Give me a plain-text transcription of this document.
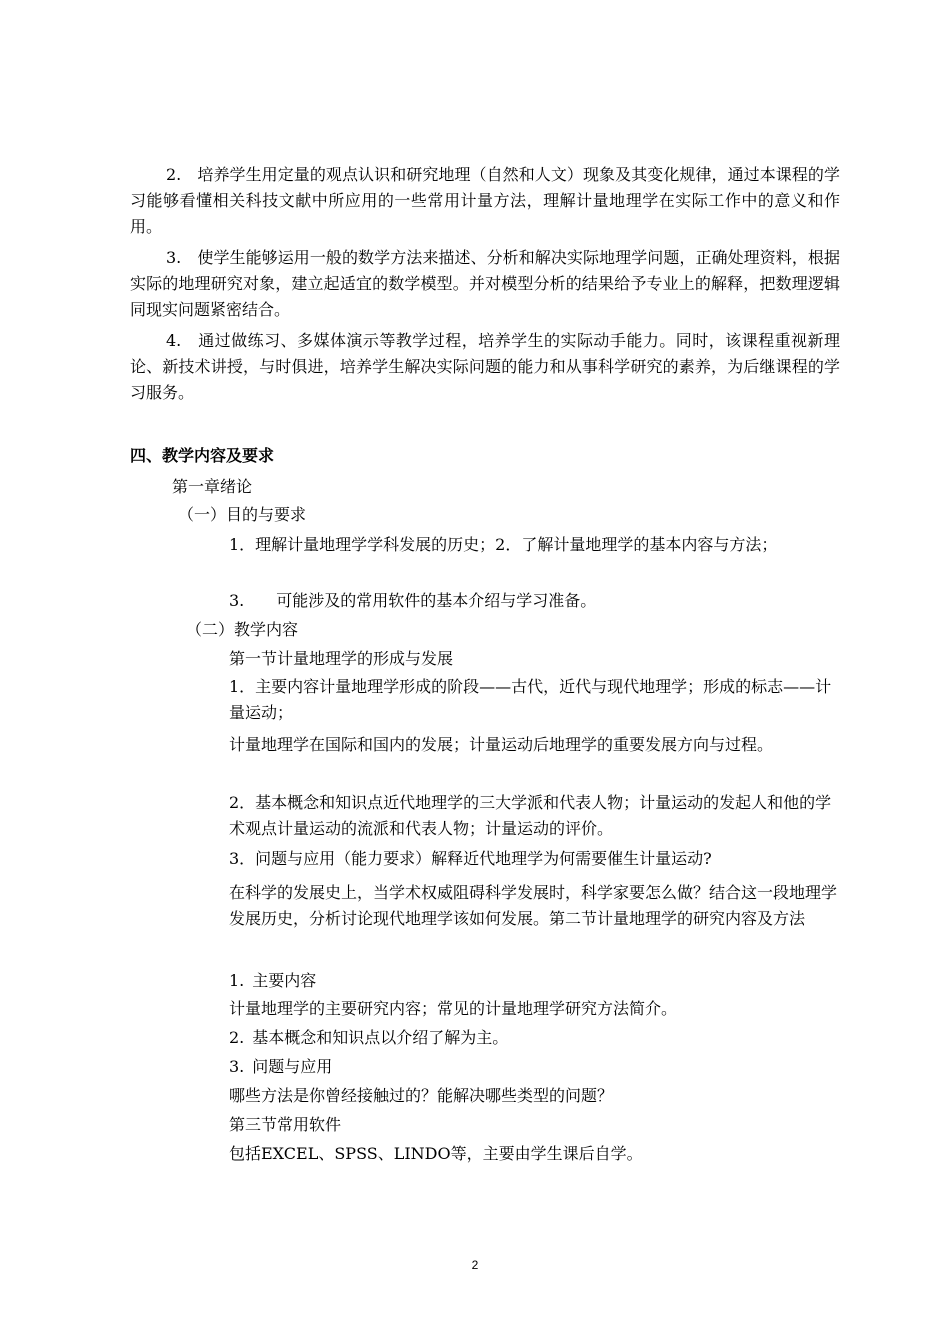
2.　培养学生用定量的观点认识和研究地理（自然和人文）现象及其变化规律，通过本课程的学习能够看懂相关科技文献中所应用的一些常用计量方法，理解计量地理学在实际工作中的意义和作用。
3.　使学生能够运用一般的数学方法来描述、分析和解决实际地理学问题，正确处理资料，根据实际的地理研究对象，建立起适宜的数学模型。并对模型分析的结果给予专业上的解释，把数理逻辑同现实问题紧密结合。
4.　通过做练习、多媒体演示等教学过程，培养学生的实际动手能力。同时，该课程重视新理论、新技术讲授，与时俱进，培养学生解决实际问题的能力和从事科学研究的素养，为后继课程的学习服务。
四、教学内容及要求
第一章绪论
（一）目的与要求
1．理解计量地理学学科发展的历史；2．了解计量地理学的基本内容与方法；
3.　　可能涉及的常用软件的基本介绍与学习准备。
（二）教学内容
第一节计量地理学的形成与发展
1．主要内容计量地理学形成的阶段——古代，近代与现代地理学；形成的标志——计量运动；
计量地理学在国际和国内的发展；计量运动后地理学的重要发展方向与过程。
2．基本概念和知识点近代地理学的三大学派和代表人物；计量运动的发起人和他的学术观点计量运动的流派和代表人物；计量运动的评价。
3．问题与应用（能力要求）解释近代地理学为何需要催生计量运动?
在科学的发展史上，当学术权威阻碍科学发展时，科学家要怎么做？结合这一段地理学发展历史，分析讨论现代地理学该如何发展。第二节计量地理学的研究内容及方法
1. 主要内容
计量地理学的主要研究内容；常见的计量地理学研究方法简介。
2. 基本概念和知识点以介绍了解为主。
3. 问题与应用
哪些方法是你曾经接触过的？能解决哪些类型的问题？
第三节常用软件
包括EXCEL、SPSS、LINDO等，主要由学生课后自学。
2
